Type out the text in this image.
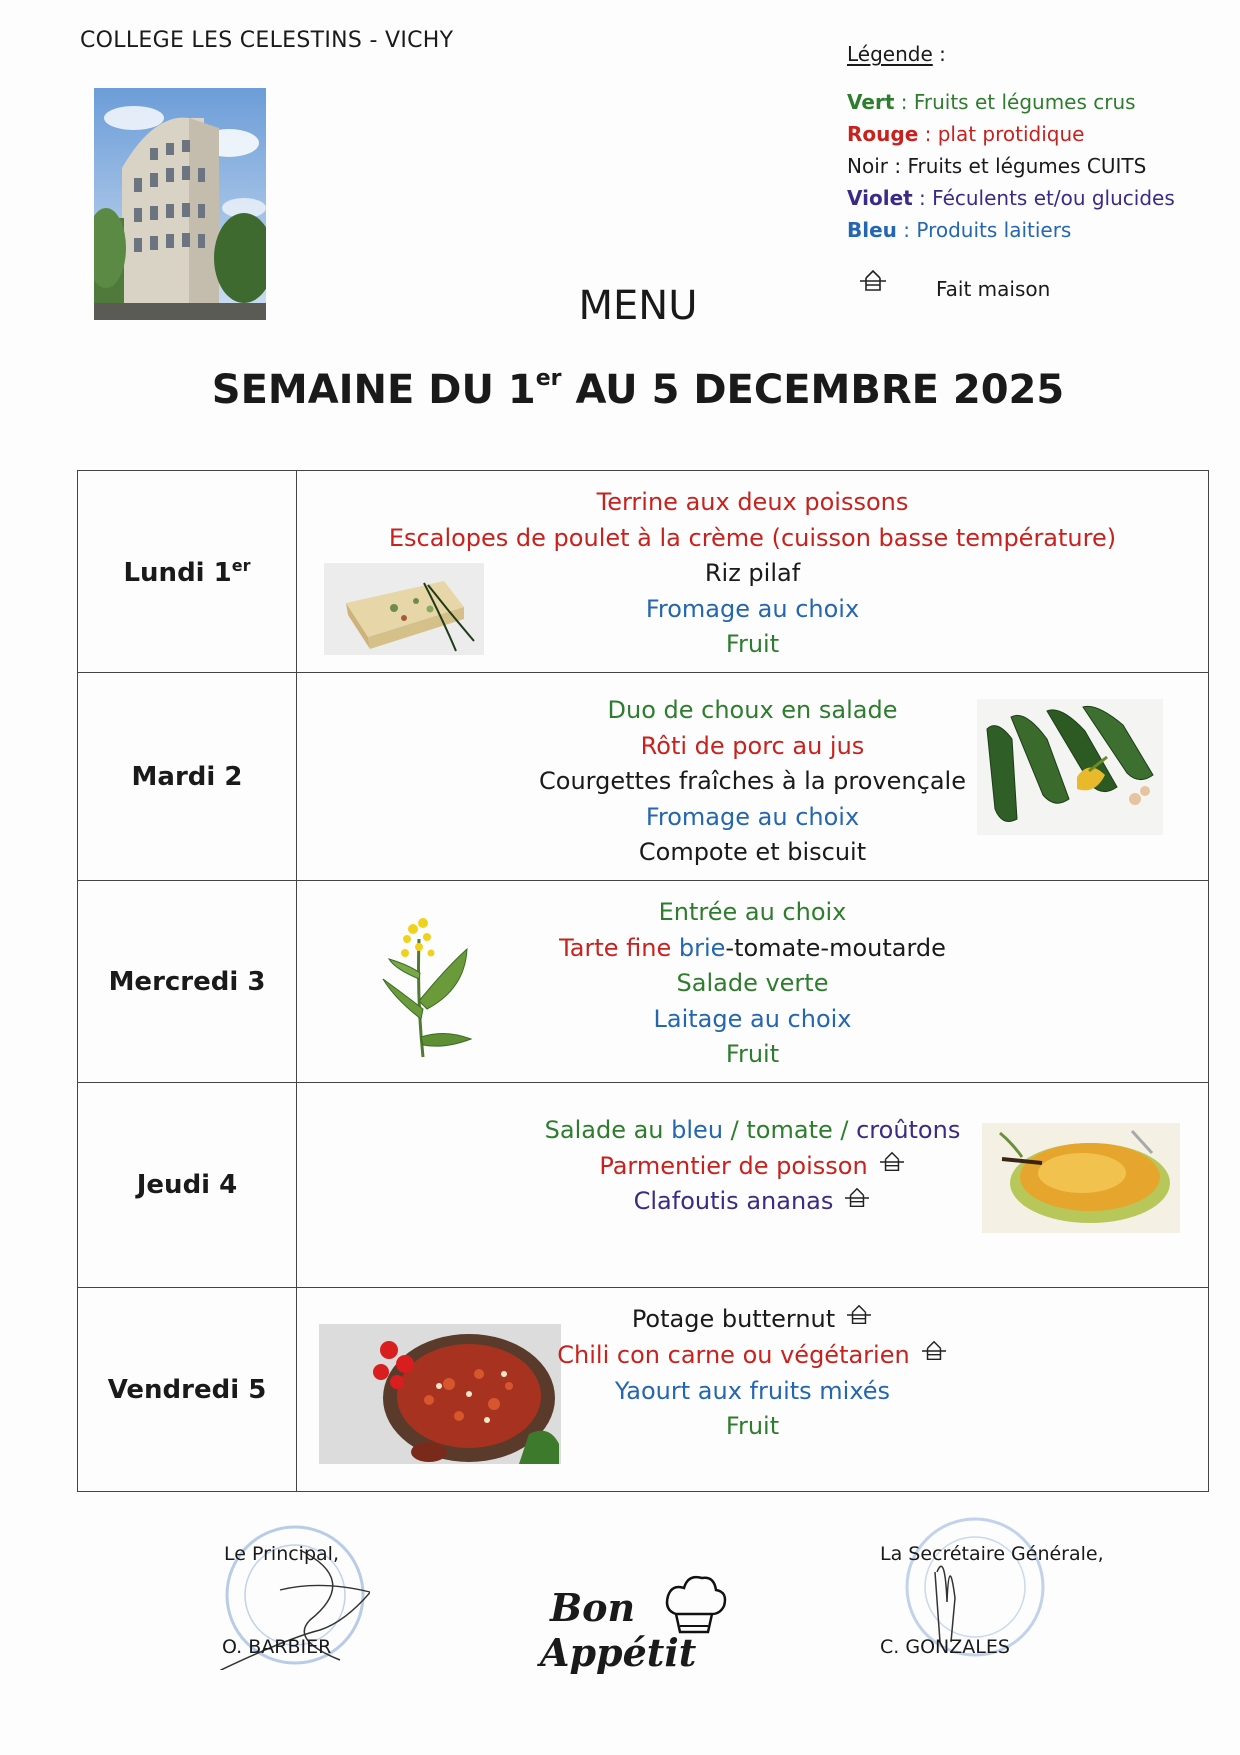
COLLEGE LES CELESTINS - VICHY
Légende :
Vert : Fruits et légumes crus
Rouge : plat protidique
Noir : Fruits et légumes CUITS
Violet : Féculents et/ou glucides
Bleu : Produits laitiers
Fait maison
MENU
SEMAINE DU 1er AU 5 DECEMBRE 2025
Lundi 1er	Terrine aux deux poissons
Escalopes de poulet à la crème (cuisson basse température)
Riz pilaf
Fromage au choix
Fruit

Mardi 2	Duo de choux en salade
Rôti de porc au jus
Courgettes fraîches à la provençale
Fromage au choix
Compote et biscuit

Mercredi 3	Entrée au choix
Tarte fine brie-tomate-moutarde
Salade verte
Laitage au choix
Fruit

Jeudi 4	Salade au bleu / tomate / croûtons
Parmentier de poisson
Clafoutis ananas

Vendredi 5	Potage butternut
Chili con carne ou végétarien
Yaourt aux fruits mixés
Fruit
Le Principal,
O. BARBIER
La Secrétaire Générale,
C. GONZALES
Bon
Appétit
